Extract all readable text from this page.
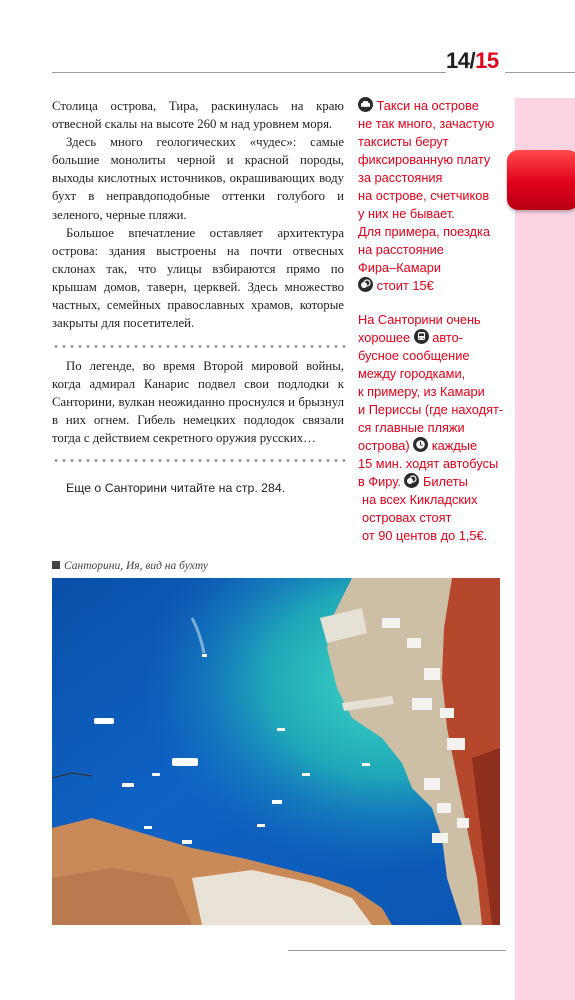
14/15

Столица острова, Тира, раскинулась на краю отвесной скалы на высоте 260 м над уровнем моря.

Здесь много геологических «чудес»: самые большие монолиты черной и красной породы, выходы кислотных источников, окрашивающих воду бухт в неправдоподобные оттенки голубого и зеленого, черные пляжи.

Большое впечатление оставляет архитектура острова: здания выстроены на почти отвесных склонах так, что улицы взбираются прямо по крышам домов, таверн, церквей. Здесь множество частных, семейных православных храмов, которые закрыты для посетителей.

По легенде, во время Второй мировой войны, когда адмирал Канарис подвел свои подлодки к Санторини, вулкан неожиданно проснулся и брызнул в них огнем. Гибель немецких подлодок связали тогда с действием секретного оружия русских…

Еще о Санторини читайте на стр. 284.
Такси на острове
не так много, зачастую
таксисты берут
фиксированную плату
за расстояния
на острове, счетчиков
у них не бывает.
Для примера, поездка
на расстояние
Фира–Камари
стоит 15€
На Санторини очень
хорошее авто-
бусное сообщение
между городками,
к примеру, из Камари
и Периссы (где находят-
ся главные пляжи
острова) каждые
15 мин. ходят автобусы
в Фиру. Билеты
на всех Кикладских
островах стоят
от 90 центов до 1,5€.
Санторини, Ия, вид на бухту
